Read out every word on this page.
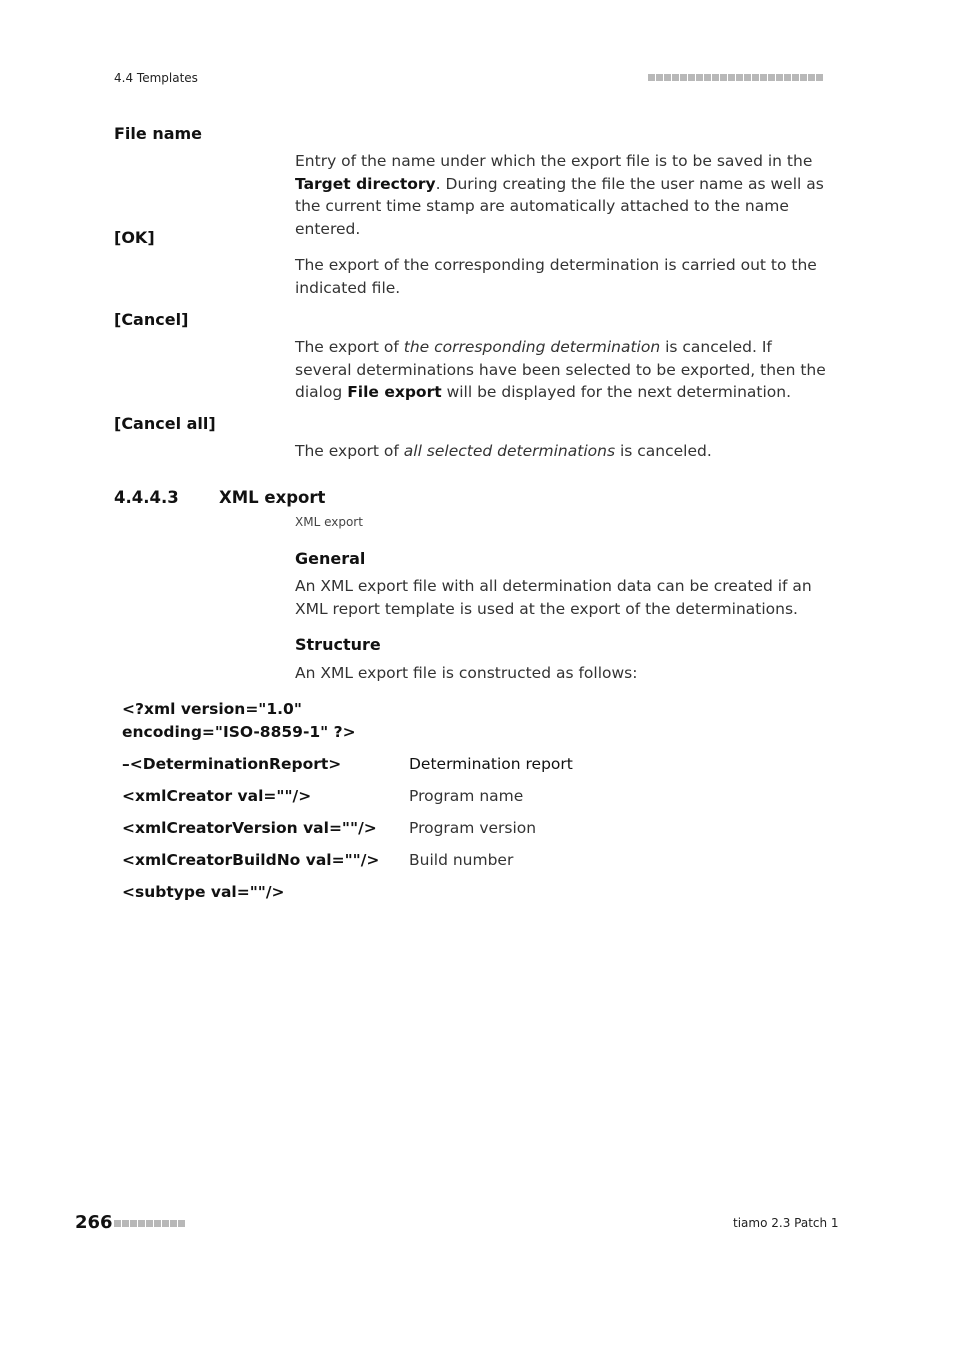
4.4 Templates
File name
Entry of the name under which the export file is to be saved in the Target directory. During creating the file the user name as well as the current time stamp are automatically attached to the name entered.
[OK]
The export of the corresponding determination is carried out to the indicated file.
[Cancel]
The export of the corresponding determination is canceled. If several determinations have been selected to be exported, then the dialog File export will be displayed for the next determination.
[Cancel all]
The export of all selected determinations is canceled.
4.4.4.3 XML export
XML export
General
An XML export file with all determination data can be created if an XML report template is used at the export of the determinations.
Structure
An XML export file is constructed as follows:
<?xml version="1.0" encoding="ISO-8859-1" ?>
–<DeterminationReport>	Determination report
<xmlCreator val=""/>	Program name
<xmlCreatorVersion val=""/> Program version
<xmlCreatorBuildNo val=""/> Build number
<subtype val=""/>
266	tiamo 2.3 Patch 1
